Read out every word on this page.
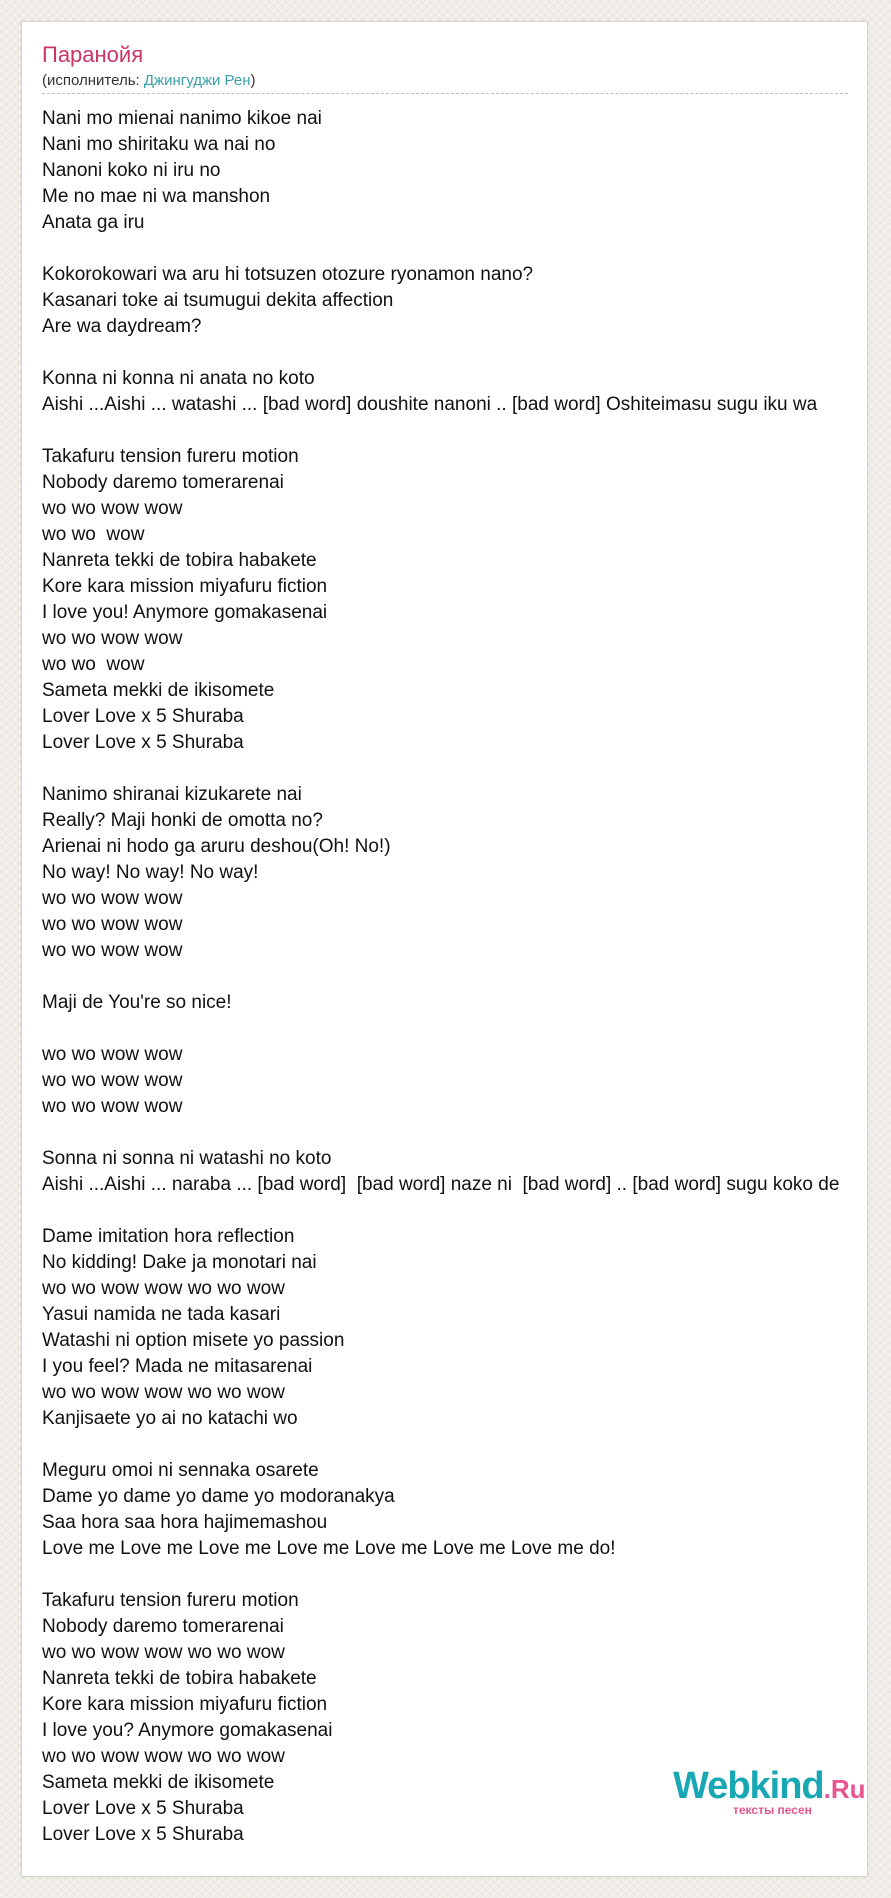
Паранойя
(исполнитель: Джингуджи Рен)
Nani mo mienai nanimo kikoe nai
Nani mo shiritaku wa nai no
Nanoni koko ni iru no
Me no mae ni wa manshon
Anata ga iru
Kokorokowari wa aru hi totsuzen otozure ryonamon nano?
Kasanari toke ai tsumugui dekita affection
Are wa daydream?
Konna ni konna ni anata no koto
Aishi ...Aishi ... watashi ... [bad word] doushite nanoni .. [bad word] Oshiteimasu sugu iku wa
Takafuru tension fureru motion
Nobody daremo tomerarenai
wo wo wow wow
wo wo  wow
Nanreta tekki de tobira habakete
Kore kara mission miyafuru fiction
I love you! Anymore gomakasenai
wo wo wow wow
wo wo  wow
Sameta mekki de ikisomete
Lover Love x 5 Shuraba
Lover Love x 5 Shuraba
Nanimo shiranai kizukarete nai
Really? Maji honki de omotta no?
Arienai ni hodo ga aruru deshou(Oh! No!)
No way! No way! No way!
wo wo wow wow
wo wo wow wow
wo wo wow wow
Maji de You're so nice!
wo wo wow wow
wo wo wow wow
wo wo wow wow
Sonna ni sonna ni watashi no koto
Aishi ...Aishi ... naraba ... [bad word]  [bad word] naze ni  [bad word] .. [bad word] sugu koko de
Dame imitation hora reflection
No kidding! Dake ja monotari nai
wo wo wow wow wo wo wow
Yasui namida ne tada kasari
Watashi ni option misete yo passion
I you feel? Mada ne mitasarenai
wo wo wow wow wo wo wow
Kanjisaete yo ai no katachi wo
Meguru omoi ni sennaka osarete
Dame yo dame yo dame yo modoranakya
Saa hora saa hora hajimemashou
Love me Love me Love me Love me Love me Love me Love me do!
Takafuru tension fureru motion
Nobody daremo tomerarenai
wo wo wow wow wo wo wow
Nanreta tekki de tobira habakete
Kore kara mission miyafuru fiction
I love you? Anymore gomakasenai
wo wo wow wow wo wo wow
Sameta mekki de ikisomete
Lover Love x 5 Shuraba
Lover Love x 5 Shuraba
Webkind.Ru
тексты песен
